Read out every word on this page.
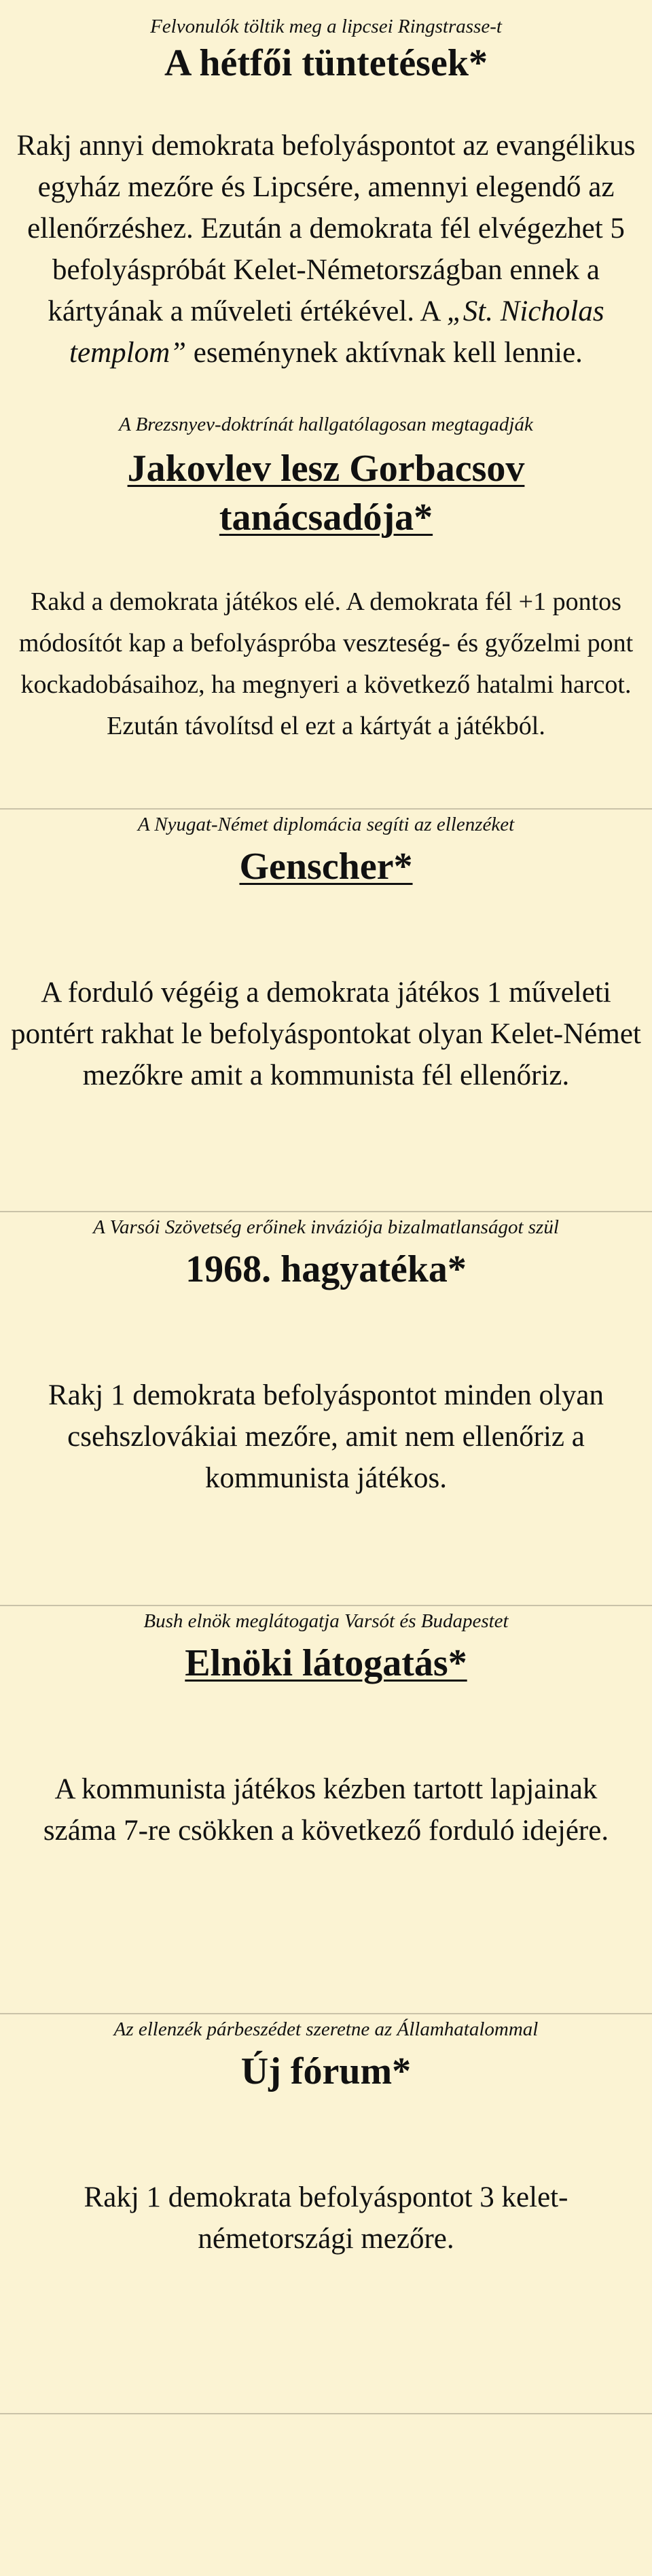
Felvonulók töltik meg a lipcsei Ringstrasse-t

A hétfői tüntetések*

Rakj annyi demokrata befolyáspontot az evangélikus egyház mezőre és Lipcsére, amennyi elegendő az ellenőrzéshez. Ezután a demokrata fél elvégezhet 5 befolyáspróbát Kelet-Németországban ennek a kártyának a műveleti értékével. A „St. Nicholas templom” eseménynek aktívnak kell lennie.

A Brezsnyev-doktrínát hallgatólagosan megtagadják

Jakovlev lesz Gorbacsov
tanácsadója*

Rakd a demokrata játékos elé. A demokrata fél +1 pontos módosítót kap a befolyáspróba veszteség- és győzelmi pont kockadobásaihoz, ha megnyeri a következő hatalmi harcot. Ezután távolítsd el ezt a kártyát a játékból.

A Nyugat-Német diplomácia segíti az ellenzéket

Genscher*

A forduló végéig a demokrata játékos 1 műveleti pontért rakhat le befolyáspontokat olyan Kelet-Német mezőkre amit a kommunista fél ellenőriz.

A Varsói Szövetség erőinek inváziója bizalmatlanságot szül

1968. hagyatéka*

Rakj 1 demokrata befolyáspontot minden olyan csehszlovákiai mezőre, amit nem ellenőriz a kommunista játékos.

Bush elnök meglátogatja Varsót és Budapestet

Elnöki látogatás*

A kommunista játékos kézben tartott lapjainak száma 7-re csökken a következő forduló idejére.

Az ellenzék párbeszédet szeretne az Államhatalommal

Új fórum*

Rakj 1 demokrata befolyáspontot 3 kelet-németországi mezőre.
